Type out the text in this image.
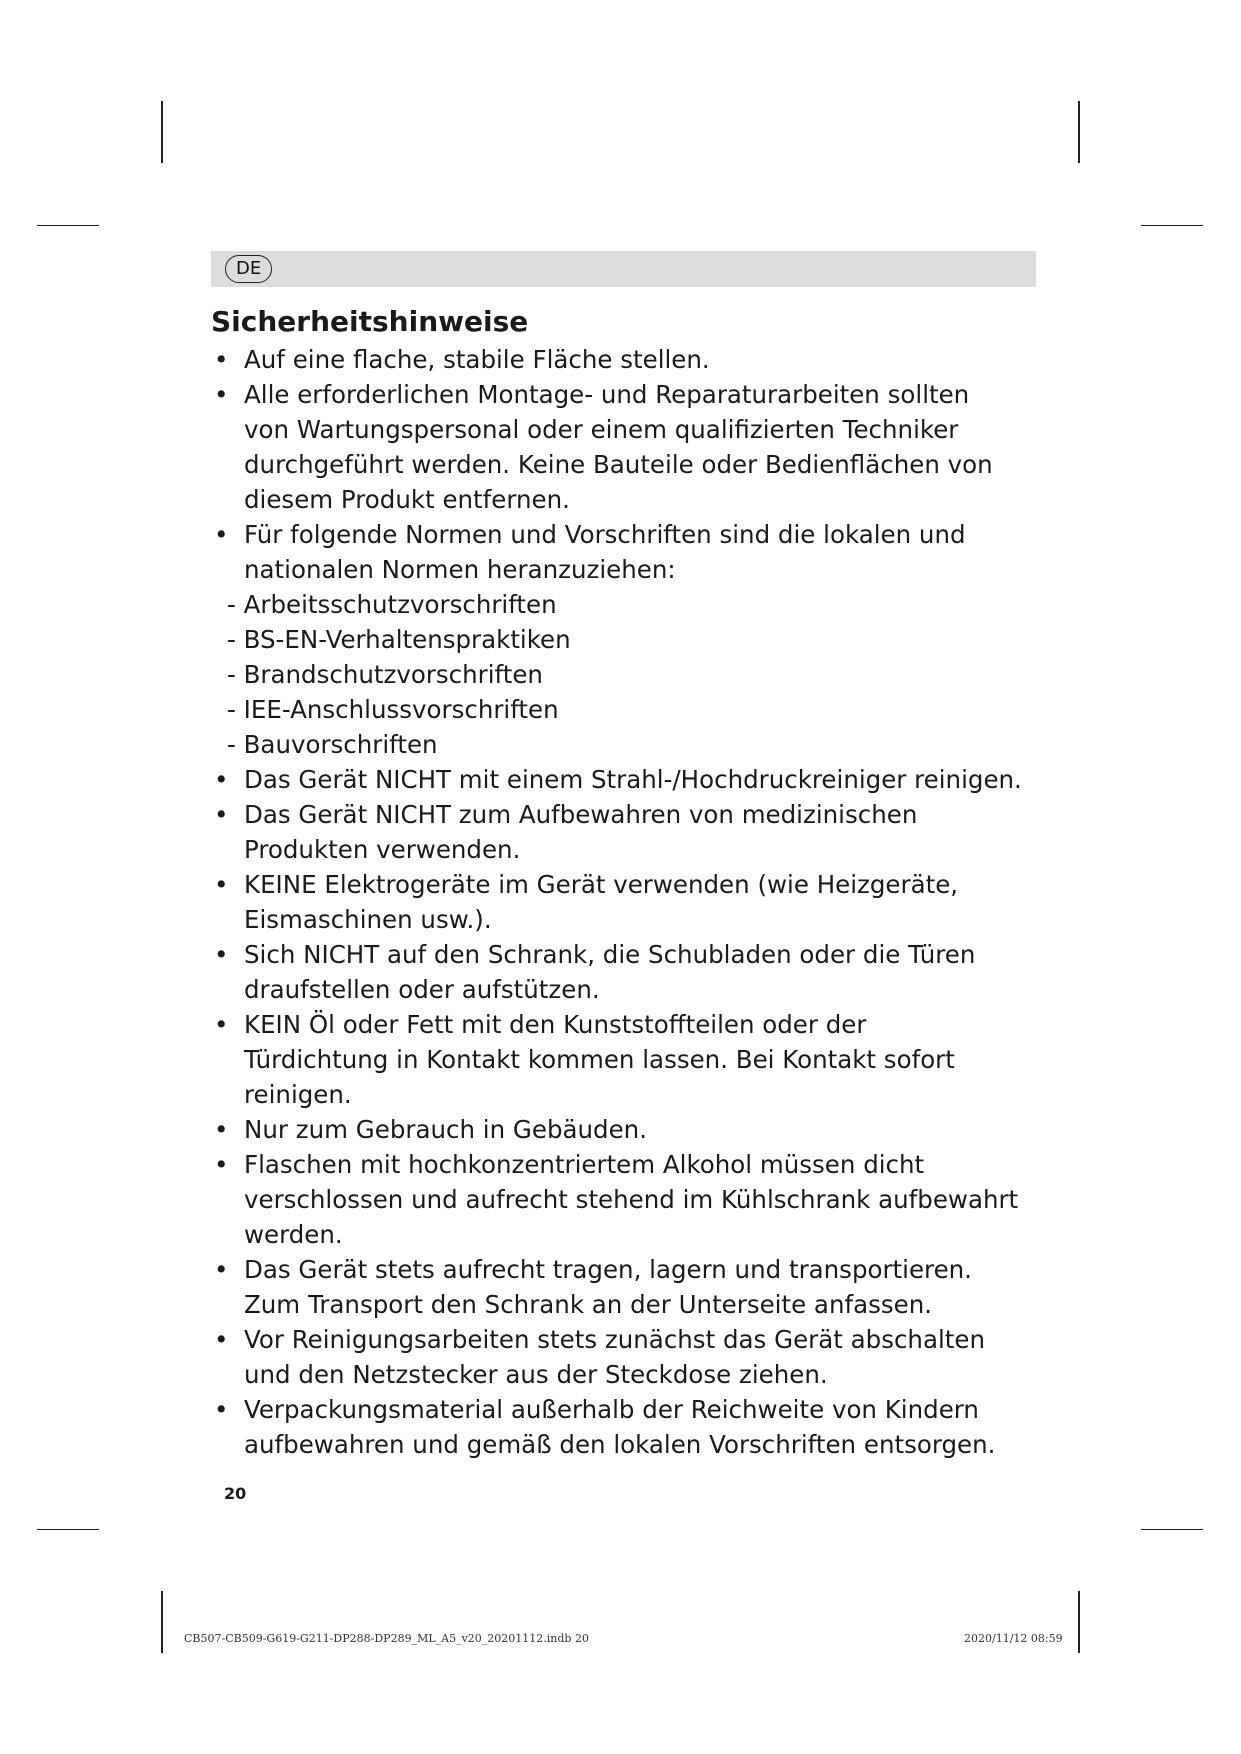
DE
Sicherheitshinweise
• Auf eine flache, stabile Fläche stellen.
• Alle erforderlichen Montage- und Reparaturarbeiten sollten
von Wartungspersonal oder einem qualifizierten Techniker
durchgeführt werden. Keine Bauteile oder Bedienflächen von
diesem Produkt entfernen.
• Für folgende Normen und Vorschriften sind die lokalen und
nationalen Normen heranzuziehen:
- Arbeitsschutzvorschriften
- BS-EN-Verhaltenspraktiken
- Brandschutzvorschriften
- IEE-Anschlussvorschriften
- Bauvorschriften
• Das Gerät NICHT mit einem Strahl-/Hochdruckreiniger reinigen.
• Das Gerät NICHT zum Aufbewahren von medizinischen
Produkten verwenden.
• KEINE Elektrogeräte im Gerät verwenden (wie Heizgeräte,
Eismaschinen usw.).
• Sich NICHT auf den Schrank, die Schubladen oder die Türen
draufstellen oder aufstützen.
• KEIN Öl oder Fett mit den Kunststoffteilen oder der
Türdichtung in Kontakt kommen lassen. Bei Kontakt sofort
reinigen.
• Nur zum Gebrauch in Gebäuden.
• Flaschen mit hochkonzentriertem Alkohol müssen dicht
verschlossen und aufrecht stehend im Kühlschrank aufbewahrt
werden.
• Das Gerät stets aufrecht tragen, lagern und transportieren.
Zum Transport den Schrank an der Unterseite anfassen.
• Vor Reinigungsarbeiten stets zunächst das Gerät abschalten
und den Netzstecker aus der Steckdose ziehen.
• Verpackungsmaterial außerhalb der Reichweite von Kindern
aufbewahren und gemäß den lokalen Vorschriften entsorgen.
20
CB507-CB509-G619-G211-DP288-DP289_ML_A5_v20_20201112.indb 20	2020/11/12 08:59
